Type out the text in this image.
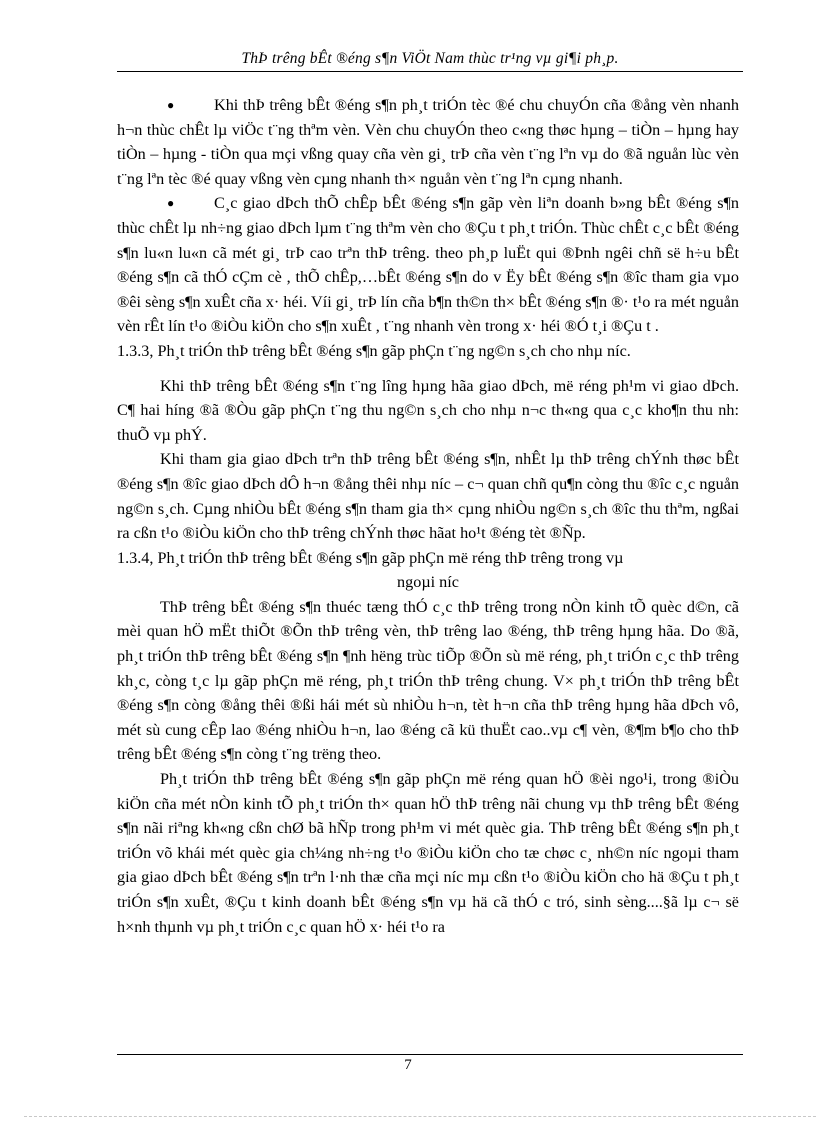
ThÞ trêng bÊt ®éng s¶n ViÖt Nam thùc tr¹ng vµ gi¶i ph¸p.

● Khi thÞ trêng bÊt ®éng s¶n ph¸t triÓn tèc ®é chu chuyÓn cña ®ång vèn nhanh h¬n thùc chÊt lµ viÖc t¨ng thªm vèn. Vèn chu chuyÓn theo c«ng thøc hµng – tiÒn – hµng hay tiÒn – hµng - tiÒn qua mçi vßng quay cña vèn gi¸ trÞ cña vèn t¨ng lªn vµ do ®ã nguån lùc vèn t¨ng lªn tèc ®é quay vßng vèn cµng nhanh th× nguån vèn t¨ng lªn cµng nhanh.

● C¸c giao dÞch thÕ chÊp bÊt ®éng s¶n gãp vèn liªn doanh b»ng bÊt ®éng s¶n thùc chÊt lµ nh÷ng giao dÞch lµm t¨ng thªm vèn cho ®Çu t ph¸t triÓn. Thùc chÊt c¸c bÊt ®éng s¶n lu«n lu«n cã mét gi¸ trÞ cao trªn thÞ trêng. theo ph¸p luËt qui ®Þnh ngêi chñ së h÷u bÊt ®éng s¶n cã thÓ cÇm cè , thÕ chÊp,…bÊt ®éng s¶n do v Ëy bÊt ®éng s¶n ®îc tham gia vµo ®êi sèng s¶n xuÊt cña x· héi. Víi gi¸ trÞ lín cña b¶n th©n th× bÊt ®éng s¶n ®· t¹o ra mét nguån vèn rÊt lín t¹o ®iÒu kiÖn cho s¶n xuÊt , t¨ng nhanh vèn trong x· héi ®Ó t¸i ®Çu t .

1.3.3, Ph¸t triÓn thÞ trêng bÊt ®éng s¶n gãp phÇn t¨ng ng©n s¸ch cho nhµ níc.

Khi thÞ trêng bÊt ®éng s¶n t¨ng lîng hµng hãa giao dÞch, më réng ph¹m vi giao dÞch. C¶ hai híng ®ã ®Òu gãp phÇn t¨ng thu ng©n s¸ch cho nhµ n¬c th«ng qua c¸c kho¶n thu nh: thuÕ vµ phÝ.

Khi tham gia giao dÞch trªn thÞ trêng bÊt ®éng s¶n, nhÊt lµ thÞ trêng chÝnh thøc bÊt ®éng s¶n ®îc giao dÞch dÔ h¬n ®ång thêi nhµ níc – c¬ quan chñ qu¶n còng thu ®îc c¸c nguån ng©n s¸ch. Cµng nhiÒu bÊt ®éng s¶n tham gia th× cµng nhiÒu ng©n s¸ch ®îc thu thªm, ngßai ra cßn t¹o ®iÒu kiÖn cho thÞ trêng chÝnh thøc hãat ho¹t ®éng tèt ®Ñp.

1.3.4, Ph¸t triÓn thÞ trêng bÊt ®éng s¶n gãp phÇn më réng thÞ trêng trong vµ

ngoµi níc

ThÞ trêng bÊt ®éng s¶n thuéc tæng thÓ c¸c thÞ trêng trong nÒn kinh tÕ quèc d©n, cã mèi quan hÖ mËt thiÕt ®Õn thÞ trêng vèn, thÞ trêng lao ®éng, thÞ trêng hµng hãa. Do ®ã, ph¸t triÓn thÞ trêng bÊt ®éng s¶n ¶nh hëng trùc tiÕp ®Õn sù më réng, ph¸t triÓn c¸c thÞ trêng kh¸c, còng t¸c lµ gãp phÇn më réng, ph¸t triÓn thÞ trêng chung. V× ph¸t triÓn thÞ trêng bÊt ®éng s¶n còng ®ång thêi ®ßi hái mét sù nhiÒu h¬n, tèt h¬n cña thÞ trêng hµng hãa dÞch vô, mét sù cung cÊp lao ®éng nhiÒu h¬n, lao ®éng cã kü thuËt cao..vµ c¶ vèn, ®¶m b¶o cho thÞ trêng bÊt ®éng s¶n còng t¨ng trëng theo.

Ph¸t triÓn thÞ trêng bÊt ®éng s¶n gãp phÇn më réng quan hÖ ®èi ngo¹i, trong ®iÒu kiÖn cña mét nÒn kinh tÕ ph¸t triÓn th× quan hÖ thÞ trêng nãi chung vµ thÞ trêng bÊt ®éng s¶n nãi riªng kh«ng cßn chØ bã hÑp trong ph¹m vi mét quèc gia. ThÞ trêng bÊt ®éng s¶n ph¸t triÓn võ khái mét quèc gia ch¼ng nh÷ng t¹o ®iÒu kiÖn cho tæ chøc c¸ nh©n níc ngoµi tham gia giao dÞch bÊt ®éng s¶n trªn l·nh thæ cña mçi níc mµ cßn t¹o ®iÒu kiÖn cho hä ®Çu t ph¸t triÓn s¶n xuÊt, ®Çu t kinh doanh bÊt ®éng s¶n vµ hä cã thÓ c tró, sinh sèng....§ã lµ c¬ së h×nh thµnh vµ ph¸t triÓn c¸c quan hÖ x· héi t¹o ra

7
